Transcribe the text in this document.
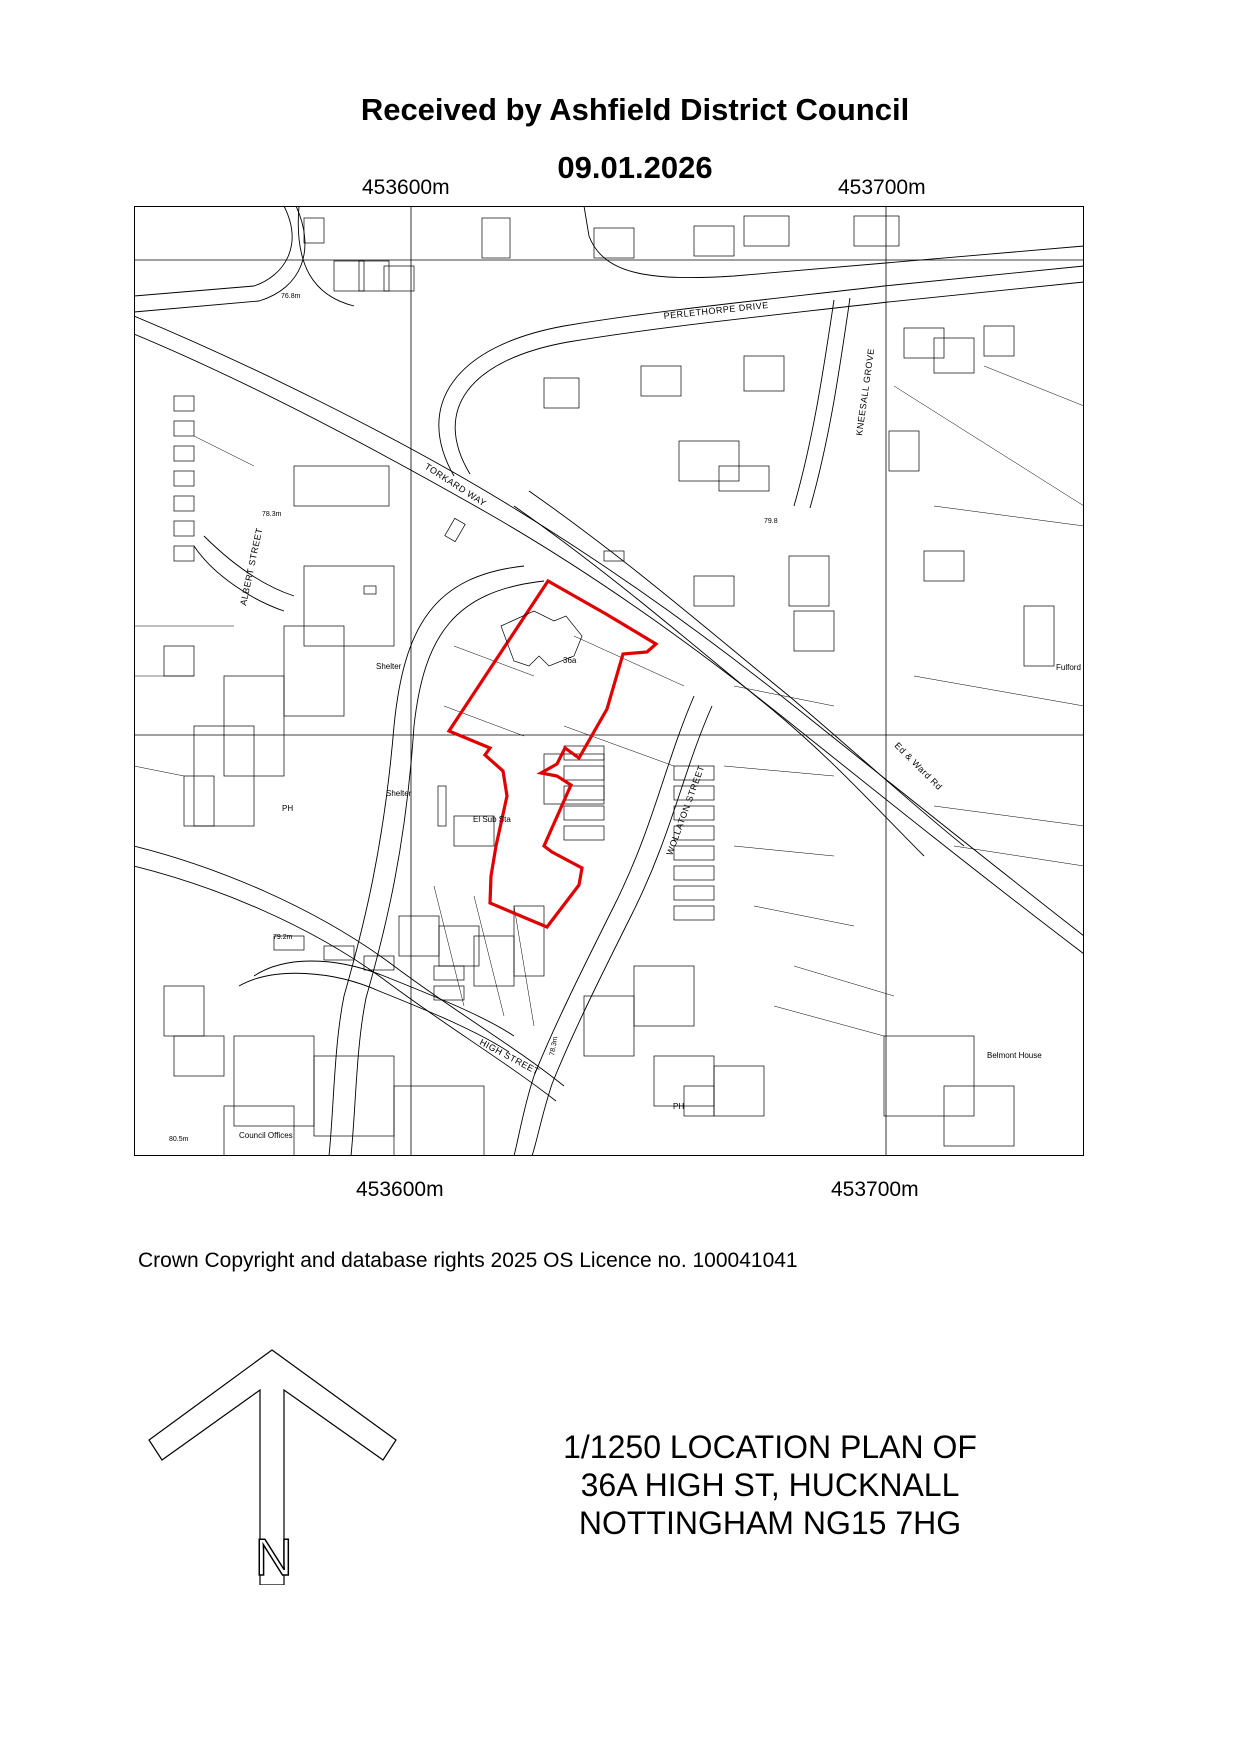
Received by Ashfield District Council
09.01.2026
453600m	453700m
453600m	453700m
PERLETHORPE DRIVE
TORKARD WAY
ALBERT STREET
KNEESALL GROVE
WOLLATON STREET
HIGH STREET
Ed & Ward Rd
36a
Shelter
Shelter
El Sub Sta
PH
PH
Council Offices
Belmont House
Fulford
76.8m
78.3m
79.2m
80.5m
78.3m
79.8
Crown Copyright and database rights 2025 OS Licence no. 100041041
N
1/1250 LOCATION PLAN OF
36A HIGH ST, HUCKNALL
NOTTINGHAM NG15 7HG
